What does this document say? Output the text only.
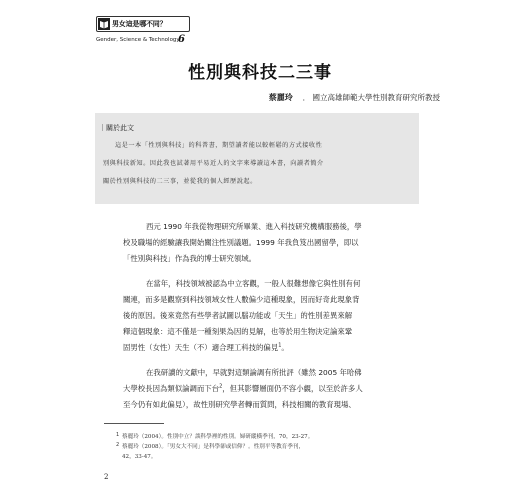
男女這是哪不同？
Gender, Science & Technology
6
性別與科技二三事
蔡麗玲 　． 國立高雄師範大學性別教育研究所教授
｜關於此文
這是一本「性別與科技」的科普書，期望讀者能以較輕鬆的方式接收性
別與科技新知。因此我也試著用平易近人的文字來導讀這本書，向讀者簡介
關於性別與科技的二三事，並從我的個人經歷說起。
西元 1990 年我從物理研究所畢業、進入科技研究機構服務後，學
校及職場的經驗讓我開始關注性別議題。1999 年我負笈出國留學，即以
「性別與科技」作為我的博士研究領域。
在當年，科技領域被認為中立客觀，一般人很難想像它與性別有何
關連，而多是觀察到科技領域女性人數偏少這種現象，因而好奇此現象背
後的原因。後來竟然有些學者試圖以腦功能或「天生」的性別差異來解
釋這個現象：這不僅是一種刻果為因的見解，也等於用生物決定論來鞏
固男性（女性）天生（不）適合理工科技的偏見$^1$。
在我研讀的文獻中，早就對這類論調有所批評（雖然 2005 年哈佛
大學校長因為類似論調而下台$^2$，但其影響層面仍不容小覷，以至於許多人
至今仍有如此偏見），故性別研究學者轉而質問，科技相關的教育現場、
1 蔡麗玲（2004）。性別中立？談科學裡的性別。婦研縱橫季刊，70，23-27。
2 蔡麗玲（2008）。「男女大不同」是科學卻或信仰？。性別平等教育季刊，
42，33-47。
2
